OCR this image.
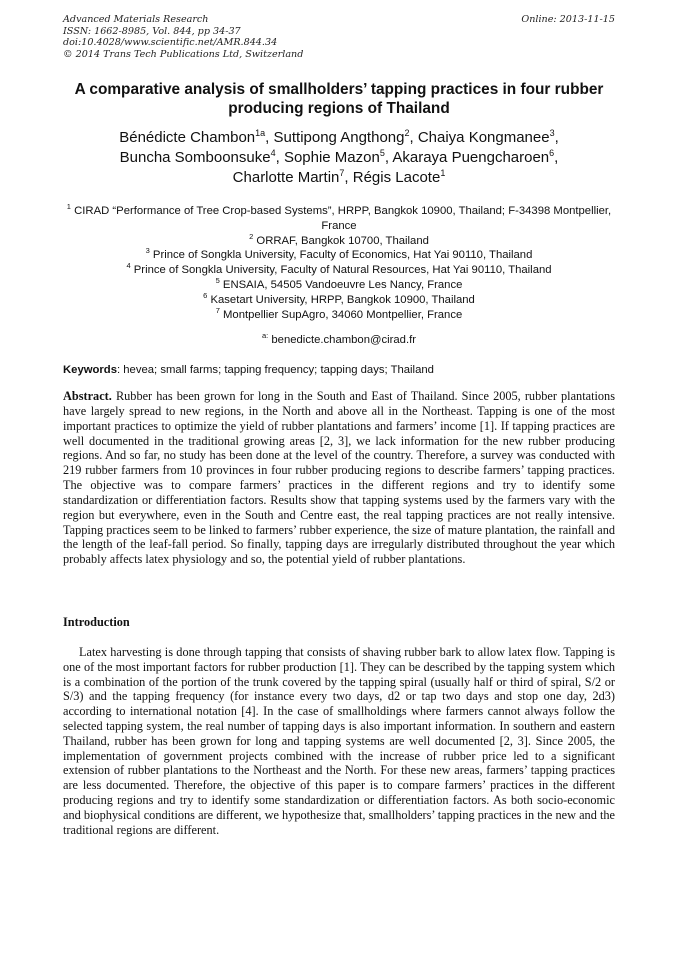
Advanced Materials Research
ISSN: 1662-8985, Vol. 844, pp 34-37
doi:10.4028/www.scientific.net/AMR.844.34
© 2014 Trans Tech Publications Ltd, Switzerland
Online: 2013-11-15
A comparative analysis of smallholders’ tapping practices in four rubber producing regions of Thailand
Bénédicte Chambon$^{1a}$, Suttipong Angthong$^2$, Chaiya Kongmanee$^3$,
Buncha Somboonsuke$^4$, Sophie Mazon$^5$, Akaraya Puengcharoen$^6$,
Charlotte Martin$^7$, Régis Lacote$^1$
$^1$ CIRAD “Performance of Tree Crop-based Systems”, HRPP, Bangkok 10900, Thailand; F-34398 Montpellier, France
$^2$ ORRAF, Bangkok 10700, Thailand
$^3$ Prince of Songkla University, Faculty of Economics, Hat Yai 90110, Thailand
$^4$ Prince of Songkla University, Faculty of Natural Resources, Hat Yai 90110, Thailand
$^5$ ENSAIA, 54505 Vandoeuvre Les Nancy, France
$^6$ Kasetart University, HRPP, Bangkok 10900, Thailand
$^7$ Montpellier SupAgro, 34060 Montpellier, France
$^{a:}$ benedicte.chambon@cirad.fr
Keywords: hevea; small farms; tapping frequency; tapping days; Thailand

Abstract. Rubber has been grown for long in the South and East of Thailand. Since 2005, rubber plantations have largely spread to new regions, in the North and above all in the Northeast. Tapping is one of the most important practices to optimize the yield of rubber plantations and farmers’ income [1]. If tapping practices are well documented in the traditional growing areas [2, 3], we lack information for the new rubber producing regions. And so far, no study has been done at the level of the country. Therefore, a survey was conducted with 219 rubber farmers from 10 provinces in four rubber producing regions to describe farmers’ tapping practices. The objective was to compare farmers’ practices in the different regions and try to identify some standardization or differentiation factors. Results show that tapping systems used by the farmers vary with the region but everywhere, even in the South and Centre east, the real tapping practices are not really intensive. Tapping practices seem to be linked to farmers’ rubber experience, the size of mature plantation, the rainfall and the length of the leaf-fall period. So finally, tapping days are irregularly distributed throughout the year which probably affects latex physiology and so, the potential yield of rubber plantations.

Introduction

Latex harvesting is done through tapping that consists of shaving rubber bark to allow latex flow. Tapping is one of the most important factors for rubber production [1]. They can be described by the tapping system which is a combination of the portion of the trunk covered by the tapping spiral (usually half or third of spiral, S/2 or S/3) and the tapping frequency (for instance every two days, d2 or tap two days and stop one day, 2d3) according to international notation [4]. In the case of smallholdings where farmers cannot always follow the selected tapping system, the real number of tapping days is also important information. In southern and eastern Thailand, rubber has been grown for long and tapping systems are well documented [2, 3]. Since 2005, the implementation of government projects combined with the increase of rubber price led to a significant extension of rubber plantations to the Northeast and the North. For these new areas, farmers’ tapping practices are less documented. Therefore, the objective of this paper is to compare farmers’ practices in the different producing regions and try to identify some standardization or differentiation factors. As both socio-economic and biophysical conditions are different, we hypothesize that, smallholders’ tapping practices in the new and the traditional regions are different.
